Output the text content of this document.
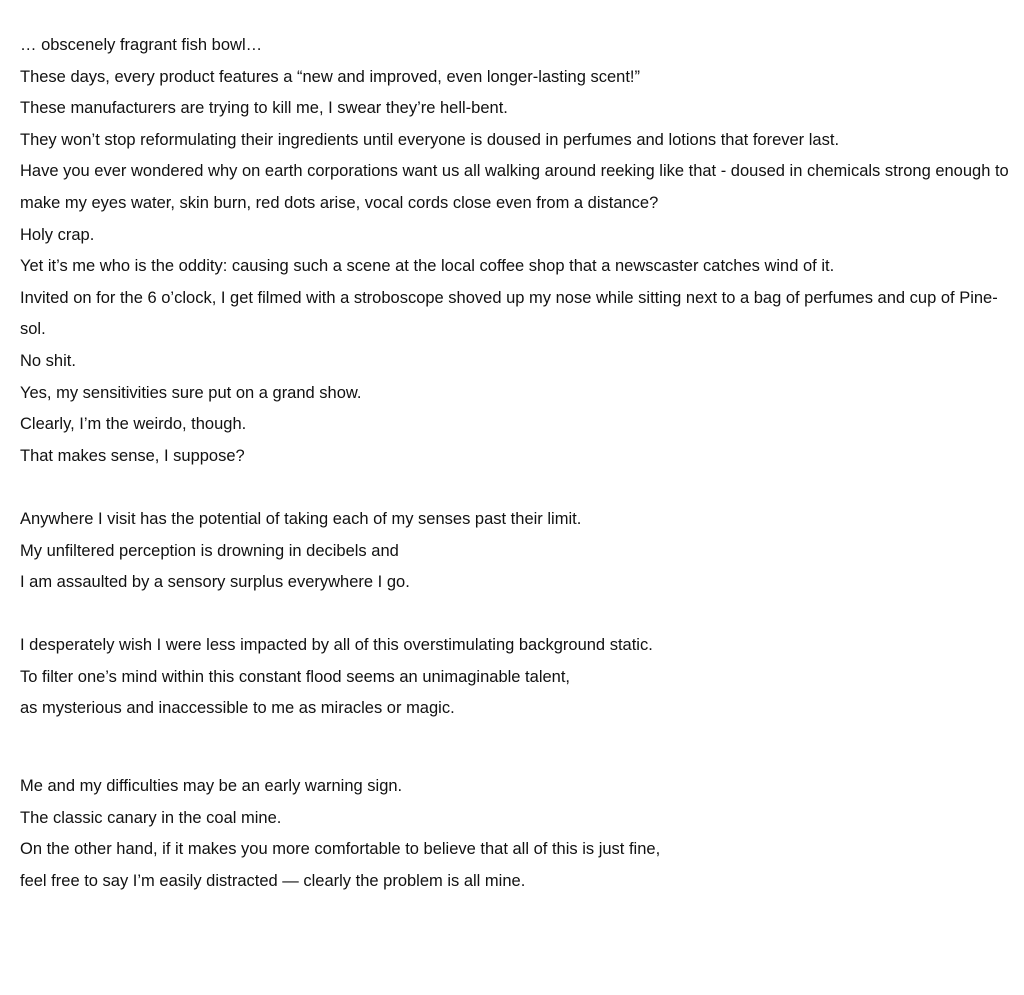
… obscenely fragrant fish bowl…

These days, every product features a “new and improved, even longer-lasting scent!”

These manufacturers are trying to kill me, I swear they’re hell-bent.

They won’t stop reformulating their ingredients until everyone is doused in perfumes and lotions that forever last.

Have you ever wondered why on earth corporations want us all walking around reeking like that - doused in chemicals strong enough to make my eyes water, skin burn, red dots arise, vocal cords close even from a distance?

Holy crap.

Yet it’s me who is the oddity: causing such a scene at the local coffee shop that a newscaster catches wind of it.

Invited on for the 6 o’clock, I get filmed with a stroboscope shoved up my nose while sitting next to a bag of perfumes and cup of Pine-sol.

No shit.

Yes, my sensitivities sure put on a grand show.

Clearly, I’m the weirdo, though.

That makes sense, I suppose?

Anywhere I visit has the potential of taking each of my senses past their limit.

My unfiltered perception is drowning in decibels and

I am assaulted by a sensory surplus everywhere I go.

I desperately wish I were less impacted by all of this overstimulating background static.

To filter one’s mind within this constant flood seems an unimaginable talent,

as mysterious and inaccessible to me as miracles or magic.

Me and my difficulties may be an early warning sign.

The classic canary in the coal mine.

On the other hand, if it makes you more comfortable to believe that all of this is just fine,

feel free to say I’m easily distracted — clearly the problem is all mine.
